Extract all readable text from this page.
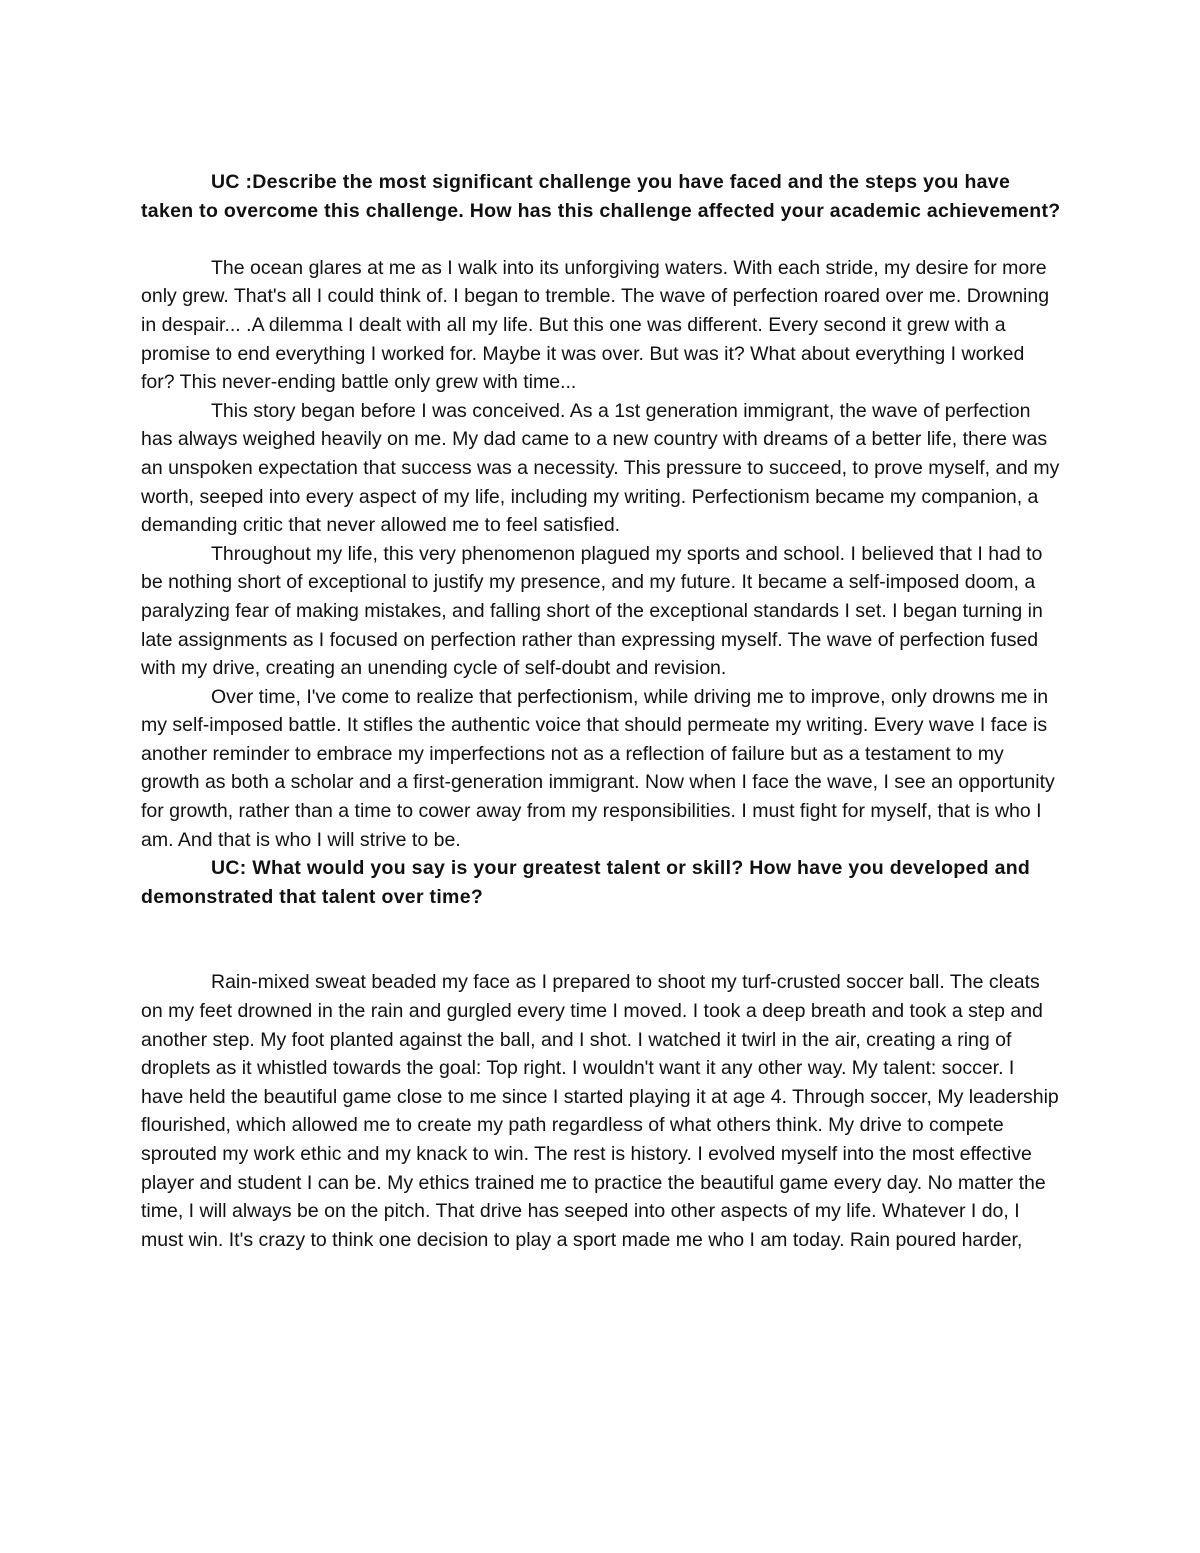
UC :Describe the most significant challenge you have faced and the steps you have taken to overcome this challenge. How has this challenge affected your academic achievement?

The ocean glares at me as I walk into its unforgiving waters. With each stride, my desire for more only grew. That's all I could think of. I began to tremble. The wave of perfection roared over me. Drowning in despair... .A dilemma I dealt with all my life. But this one was different. Every second it grew with a promise to end everything I worked for. Maybe it was over. But was it? What about everything I worked for? This never-ending battle only grew with time...

This story began before I was conceived. As a 1st generation immigrant, the wave of perfection has always weighed heavily on me. My dad came to a new country with dreams of a better life, there was an unspoken expectation that success was a necessity. This pressure to succeed, to prove myself, and my worth, seeped into every aspect of my life, including my writing. Perfectionism became my companion, a demanding critic that never allowed me to feel satisfied.

Throughout my life, this very phenomenon plagued my sports and school. I believed that I had to be nothing short of exceptional to justify my presence, and my future. It became a self-imposed doom, a paralyzing fear of making mistakes, and falling short of the exceptional standards I set. I began turning in late assignments as I focused on perfection rather than expressing myself. The wave of perfection fused with my drive, creating an unending cycle of self-doubt and revision.

Over time, I've come to realize that perfectionism, while driving me to improve, only drowns me in my self-imposed battle. It stifles the authentic voice that should permeate my writing. Every wave I face is another reminder to embrace my imperfections not as a reflection of failure but as a testament to my growth as both a scholar and a first-generation immigrant. Now when I face the wave, I see an opportunity for growth, rather than a time to cower away from my responsibilities. I must fight for myself, that is who I am. And that is who I will strive to be.

UC: What would you say is your greatest talent or skill? How have you developed and demonstrated that talent over time?

Rain-mixed sweat beaded my face as I prepared to shoot my turf-crusted soccer ball. The cleats on my feet drowned in the rain and gurgled every time I moved. I took a deep breath and took a step and another step. My foot planted against the ball, and I shot. I watched it twirl in the air, creating a ring of droplets as it whistled towards the goal: Top right. I wouldn't want it any other way. My talent: soccer. I have held the beautiful game close to me since I started playing it at age 4. Through soccer, My leadership flourished, which allowed me to create my path regardless of what others think. My drive to compete sprouted my work ethic and my knack to win. The rest is history. I evolved myself into the most effective player and student I can be. My ethics trained me to practice the beautiful game every day. No matter the time, I will always be on the pitch. That drive has seeped into other aspects of my life. Whatever I do, I must win. It's crazy to think one decision to play a sport made me who I am today. Rain poured harder,
